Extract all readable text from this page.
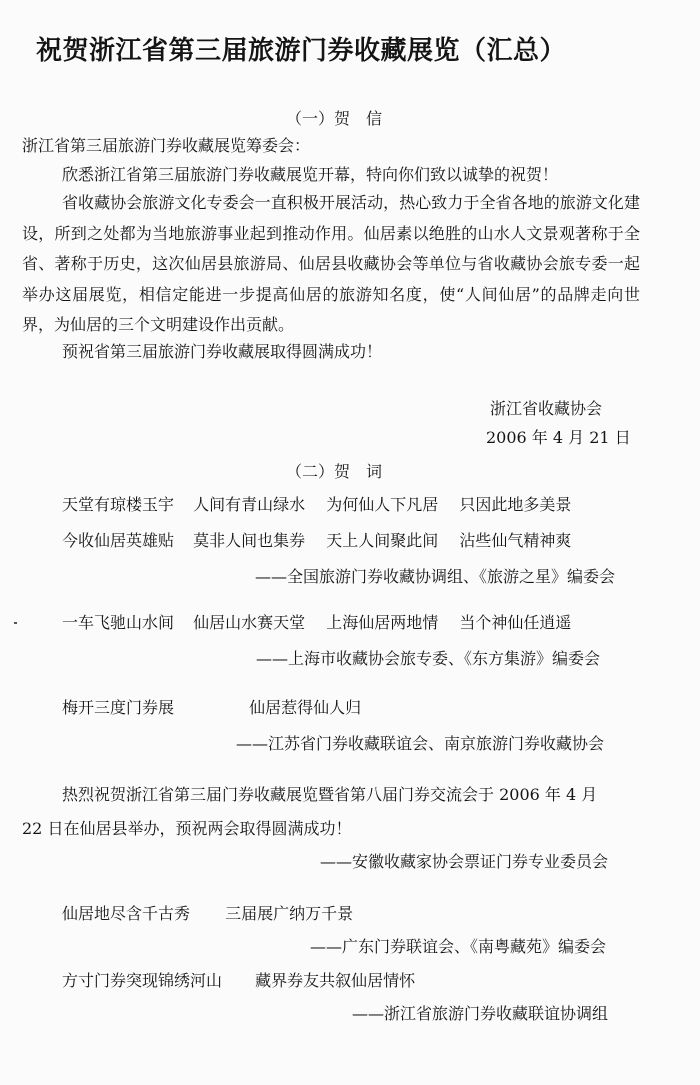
祝贺浙江省第三届旅游门券收藏展览（汇总）
（一）贺　信
浙江省第三届旅游门券收藏展览筹委会：
欣悉浙江省第三届旅游门券收藏展览开幕，特向你们致以诚挚的祝贺！
省收藏协会旅游文化专委会一直积极开展活动，热心致力于全省各地的旅游文化建设，所到之处都为当地旅游事业起到推动作用。仙居素以绝胜的山水人文景观著称于全省、著称于历史，这次仙居县旅游局、仙居县收藏协会等单位与省收藏协会旅专委一起举办这届展览，相信定能进一步提高仙居的旅游知名度，使“人间仙居”的品牌走向世界，为仙居的三个文明建设作出贡献。
预祝省第三届旅游门券收藏展取得圆满成功！
浙江省收藏协会
2006 年 4 月 21 日
（二）贺　词
天堂有琼楼玉宇 人间有青山绿水 为何仙人下凡居 只因此地多美景
今收仙居英雄贴 莫非人间也集券 天上人间聚此间 沾些仙气精神爽
——全国旅游门券收藏协调组、《旅游之星》编委会
一车飞驰山水间 仙居山水赛天堂 上海仙居两地情 当个神仙任逍遥
——上海市收藏协会旅专委、《东方集游》编委会
梅开三度门券展	仙居惹得仙人归
——江苏省门券收藏联谊会、南京旅游门券收藏协会
热烈祝贺浙江省第三届门券收藏展览暨省第八届门券交流会于 2006 年 4 月
22 日在仙居县举办，预祝两会取得圆满成功！
——安徽收藏家协会票证门券专业委员会
仙居地尽含千古秀 三届展广纳万千景
——广东门券联谊会、《南粤藏苑》编委会
方寸门券突现锦绣河山 藏界券友共叙仙居情怀
——浙江省旅游门券收藏联谊协调组
